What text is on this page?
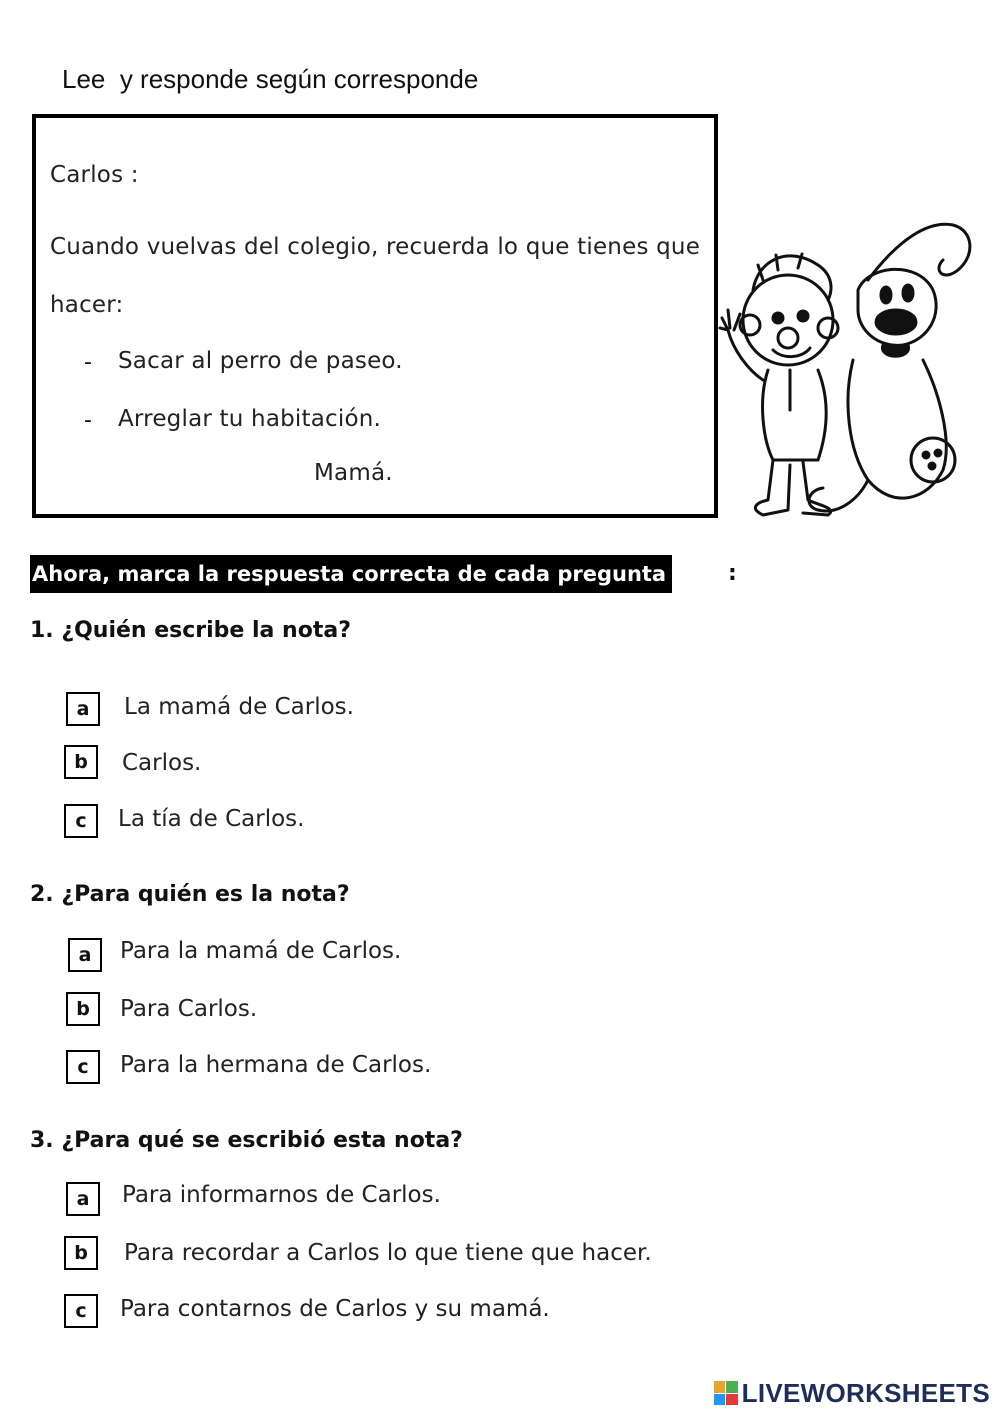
Lee  y responde según corresponde
Carlos :
Cuando vuelvas del colegio, recuerda lo que tienes que
hacer:
- Sacar al perro de paseo.
- Arreglar tu habitación.
Mamá.
Ahora, marca la respuesta correcta de cada pregunta	:
1. ¿Quién escribe la nota?
a	La mamá de Carlos.
b	Carlos.
c	La tía de Carlos.
2. ¿Para quién es la nota?
a	Para la mamá de Carlos.
b	Para Carlos.
c	Para la hermana de Carlos.
3. ¿Para qué se escribió esta nota?
a	Para informarnos de Carlos.
b	Para recordar a Carlos lo que tiene que hacer.
c	Para contarnos de Carlos y su mamá.
LIVEWORKSHEETS
